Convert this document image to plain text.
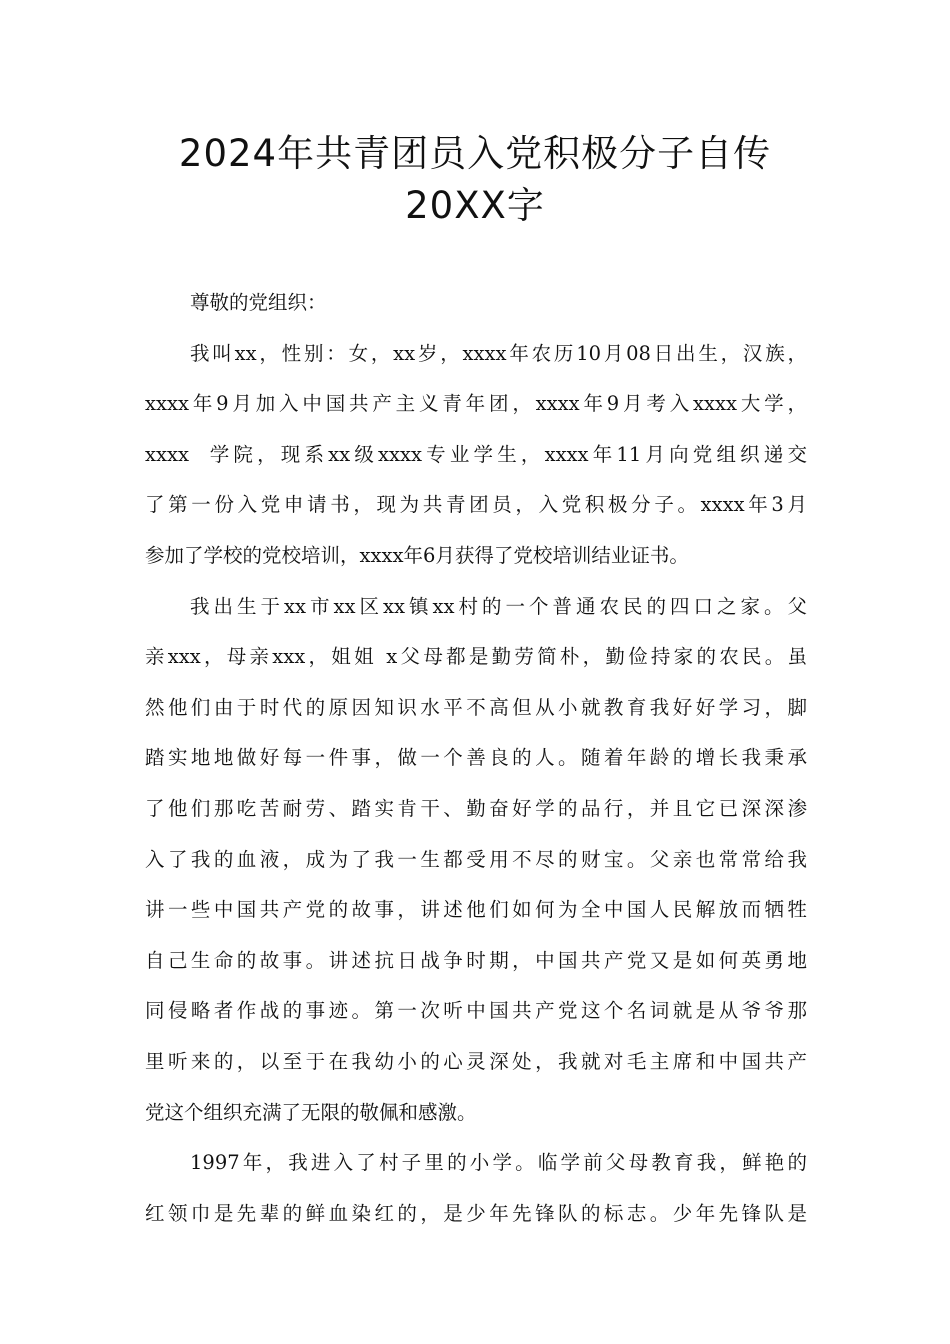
2024年共青团员入党积极分子自传
20XX字
尊敬的党组织：
我叫xx，性别：女，xx岁，xxxx年农历10月08日出生，汉族，
xxxx年9月加入中国共产主义青年团，xxxx年9月考入xxxx大学，
xxxx  学院，现系xx级xxxx专业学生，xxxx年11月向党组织递交
了第一份入党申请书，现为共青团员，入党积极分子。xxxx年3月
参加了学校的党校培训，xxxx年6月获得了党校培训结业证书。
我出生于xx市xx区xx镇xx村的一个普通农民的四口之家。父
亲xxx，母亲xxx，姐姐 x父母都是勤劳简朴，勤俭持家的农民。虽
然他们由于时代的原因知识水平不高但从小就教育我好好学习，脚
踏实地地做好每一件事，做一个善良的人。随着年龄的增长我秉承
了他们那吃苦耐劳、踏实肯干、勤奋好学的品行，并且它已深深渗
入了我的血液，成为了我一生都受用不尽的财宝。父亲也常常给我
讲一些中国共产党的故事，讲述他们如何为全中国人民解放而牺牲
自己生命的故事。讲述抗日战争时期，中国共产党又是如何英勇地
同侵略者作战的事迹。第一次听中国共产党这个名词就是从爷爷那
里听来的，以至于在我幼小的心灵深处，我就对毛主席和中国共产
党这个组织充满了无限的敬佩和感激。
1997年，我进入了村子里的小学。临学前父母教育我，鲜艳的
红领巾是先辈的鲜血染红的，是少年先锋队的标志。少年先锋队是
